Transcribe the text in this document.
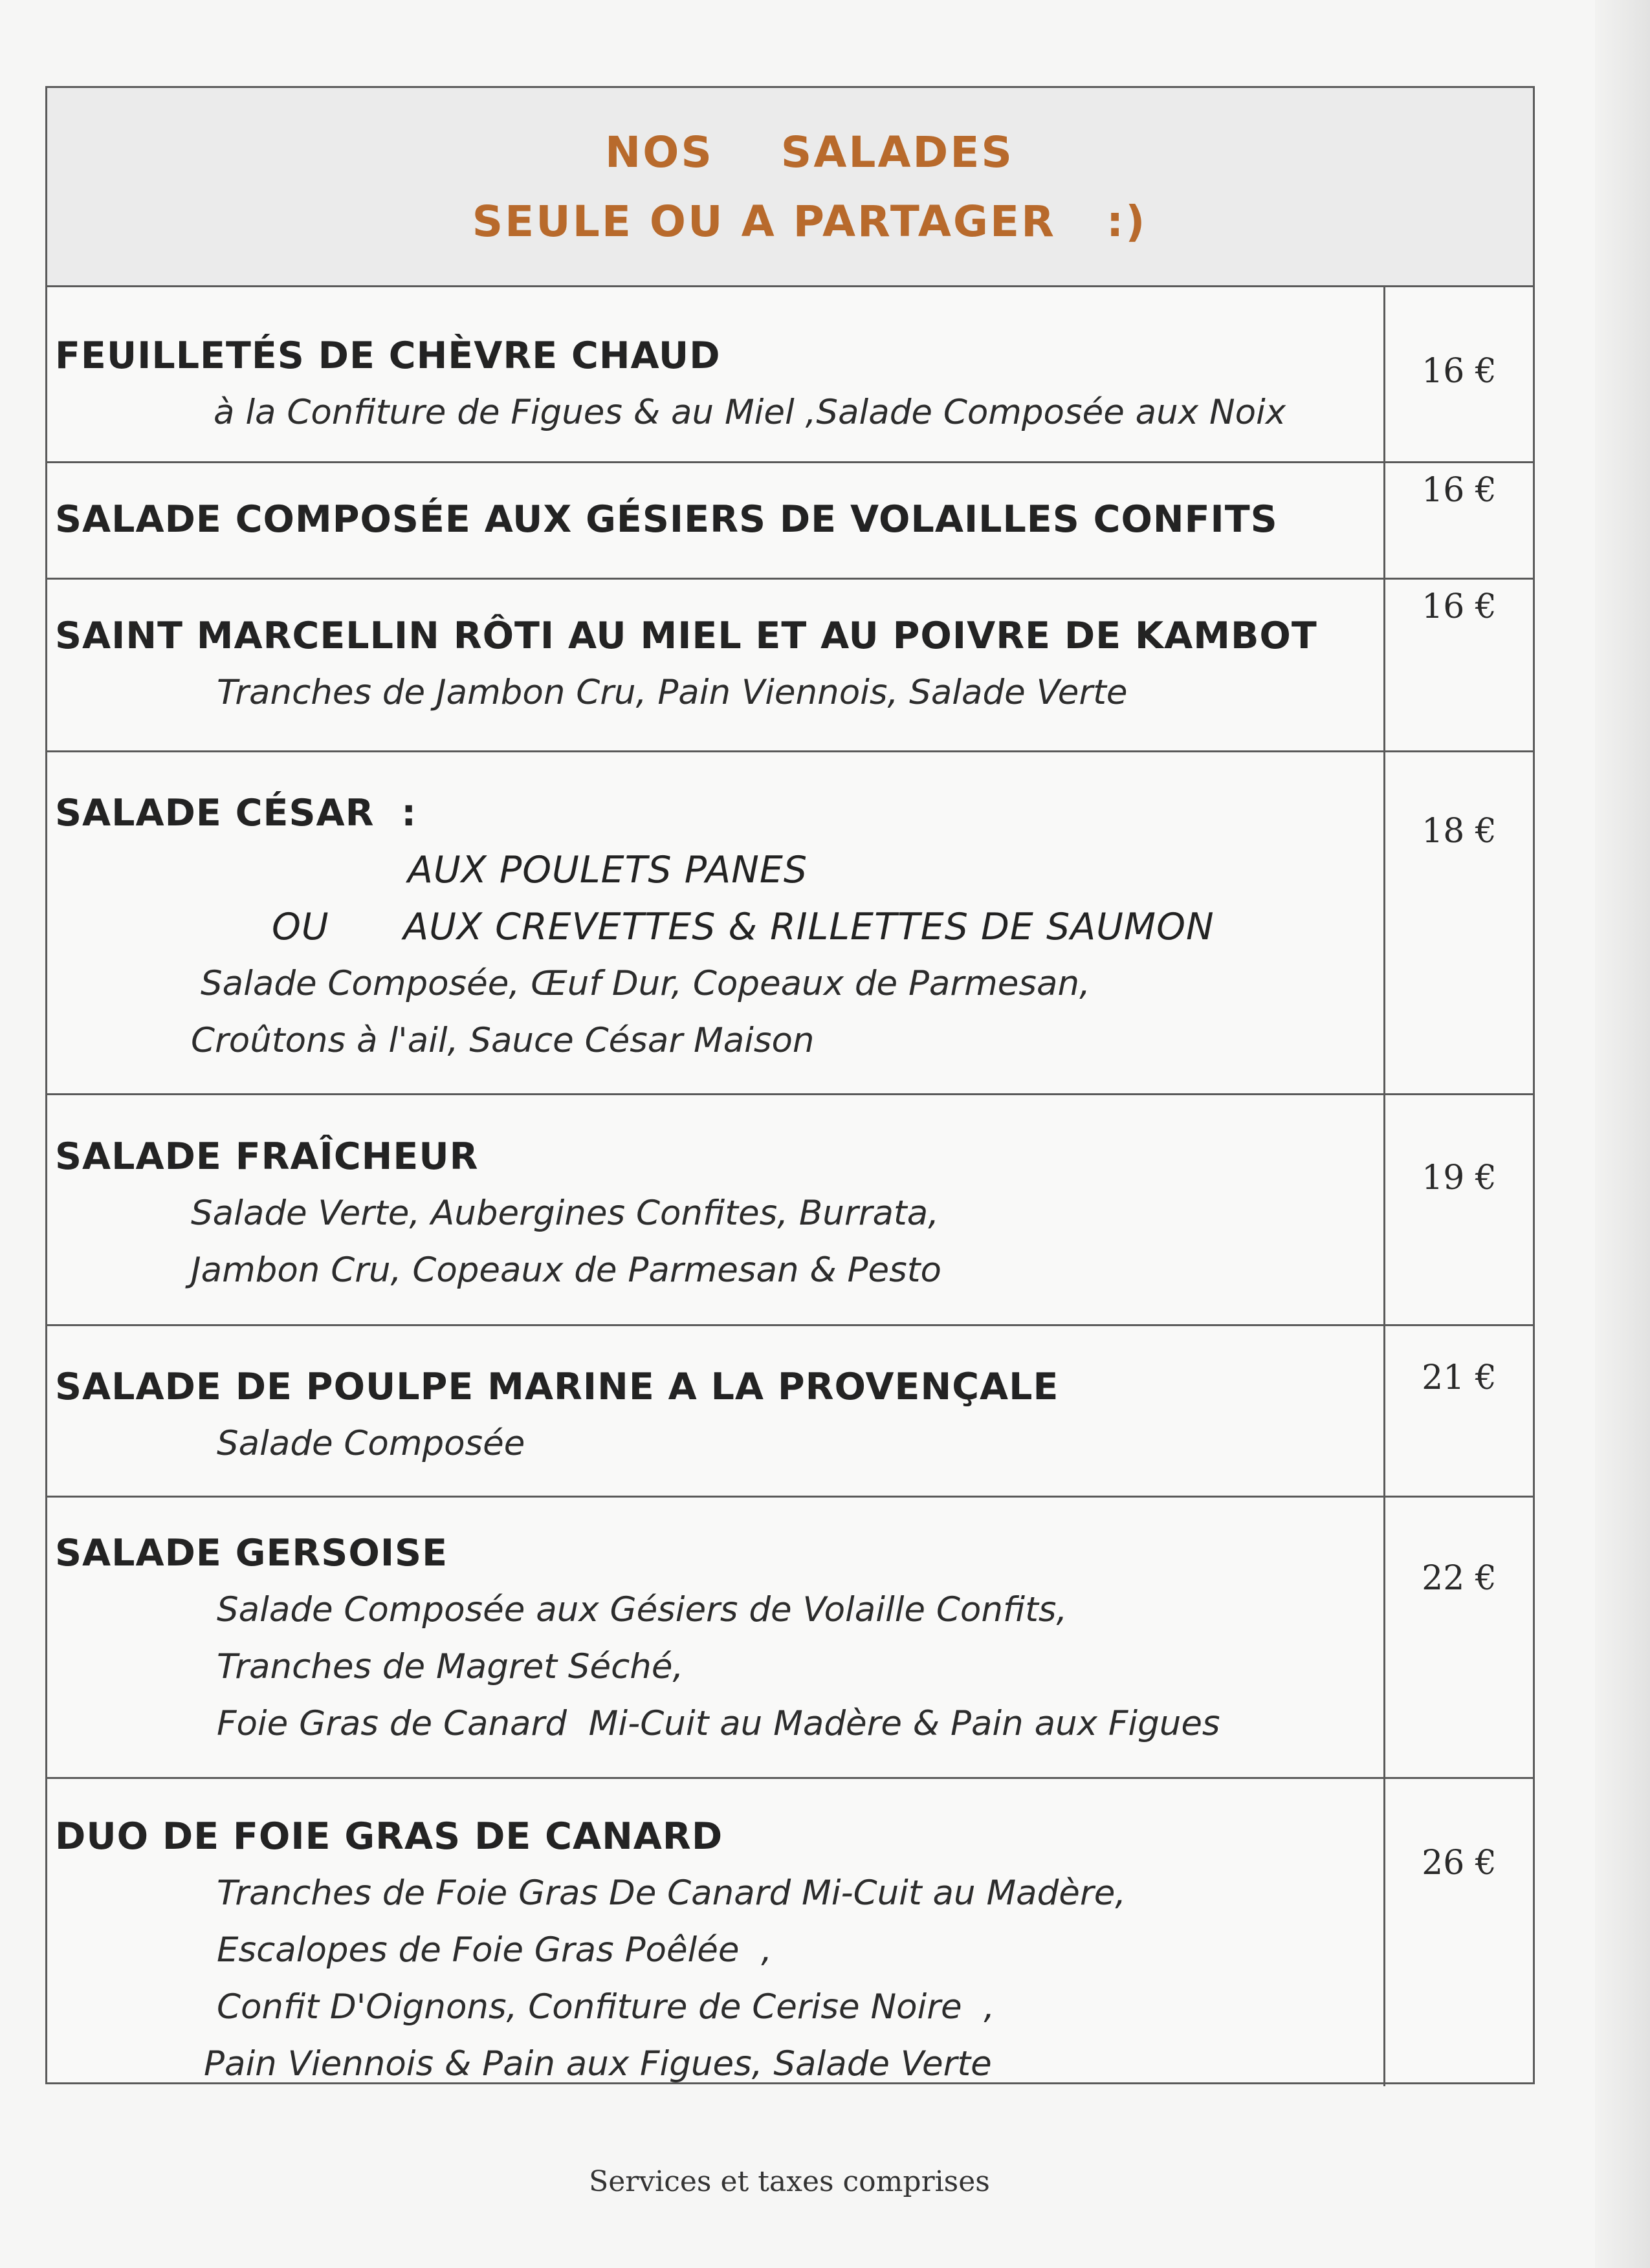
NOS    SALADES
SEULE OU A PARTAGER   :)
FEUILLETÉS DE CHÈVRE CHAUD
à la Confiture de Figues & au Miel ,Salade Composée aux Noix
16 €
SALADE COMPOSÉE AUX GÉSIERS DE VOLAILLES CONFITS
16 €
SAINT MARCELLIN RÔTI AU MIEL ET AU POIVRE DE KAMBOT
Tranches de Jambon Cru, Pain Viennois, Salade Verte
16 €
SALADE CÉSAR  :
AUX POULETS PANES
OU      AUX CREVETTES & RILLETTES DE SAUMON
Salade Composée, Œuf Dur, Copeaux de Parmesan,
Croûtons à l'ail, Sauce César Maison
18 €
SALADE FRAÎCHEUR
Salade Verte, Aubergines Confites, Burrata,
Jambon Cru, Copeaux de Parmesan & Pesto
19 €
SALADE DE POULPE MARINE A LA PROVENÇALE
Salade Composée
21 €
SALADE GERSOISE
Salade Composée aux Gésiers de Volaille Confits,
Tranches de Magret Séché,
Foie Gras de Canard  Mi-Cuit au Madère & Pain aux Figues
22 €
DUO DE FOIE GRAS DE CANARD
Tranches de Foie Gras De Canard Mi-Cuit au Madère,
Escalopes de Foie Gras Poêlée  ,
Confit D'Oignons, Confiture de Cerise Noire  ,
Pain Viennois & Pain aux Figues, Salade Verte
26 €
Services et taxes comprises
